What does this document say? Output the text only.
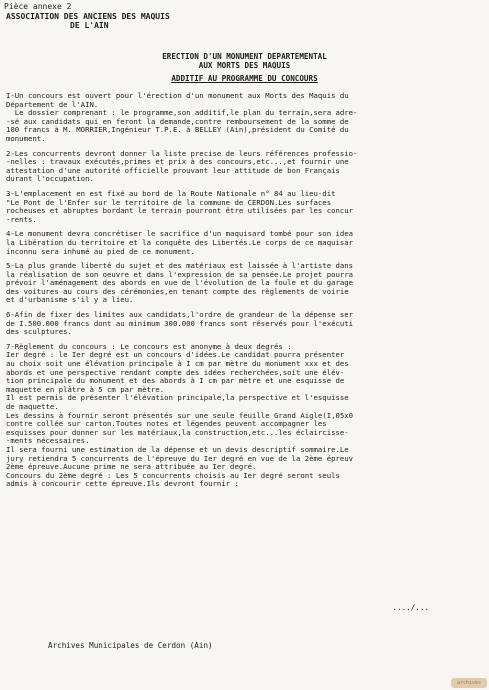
Pièce annexe 2
ASSOCIATION DES ANCIENS DES MAQUIS
DE L'AIN
ERECTION D'UN MONUMENT DEPARTEMENTAL
AUX MORTS DES MAQUIS
ADDITIF AU PROGRAMME DU CONCOURS
I-Un concours est ouvert pour l'érection d'un monument aux Morts des Maquis du
Département de l'AIN.
Le dossier comprenant : le programme,son additif,le plan du terrain,sera adre-
-sé aux candidats qui en feront la demande,contre remboursement de la somme de
100 francs à M. MORRIER,Ingénieur T.P.E. à BELLEY (Ain),président du Comité du
monument.
2-Les concurrents devront donner la liste precise de leurs références professio-
-nelles : travaux exécutés,primes et prix à des concours,etc...,et fournir une
attestation d'une autorité officielle prouvant leur attitude de bon Français
durant l'occupation.
3-L'emplacement en est fixé au bord de la Route Nationale n° 84 au lieu-dit
"Le Pont de l'Enfer sur le territoire de la commune de CERDON.Les surfaces
rocheuses et abruptes bordant le terrain pourront être utilisées par les concur
-rents.
4-Le monument devra concrétiser le sacrifice d'un maquisard tombé pour son idea
la Libération du territoire et la conquête des Libertés.Le corps de ce maquisar
inconnu sera inhumé au pied de ce monument.
5-La plus grande liberté du sujet et des matériaux est laissée à l'artiste dans
la réalisation de son oeuvre et dans l'expression de sa pensée.Le projet pourra
prévoir l'aménagement des abords en vue de l'évolution de la foule et du garage
des voitures au cours des cérémonies,en tenant compte des règlements de voirie
et d'urbanisme s'il y a lieu.
6-Afin de fixer des limites aux candidats,l'ordre de grandeur de la dépense ser
de I.500.000 francs dont au minimum 300.000 francs sont réservés pour l'exécuti
des sculptures.
7-Règlement du concours : Le concours est anonyme à deux degrés :
Ier degré : le Ier degré est un concours d'idées.Le candidat pourra présenter
au choix soit une élévation principale à I cm par mètre du monument xxx et des
abords et une perspective rendant compte des idées recherchées,soit une élév-
tion principale du monument et des abords à I cm par mètre et une esquisse de
maquette en plâtre à 5 cm par mètre.
Il est permis de présenter l'élévation principale,la perspective et l'esquisse
de maquette.
Les dessins à fournir seront présentés sur une seule feuille Grand Aigle(I,05x0
contre collée sur carton.Toutes notes et légendes peuvent accompagner les
esquisses pour donner sur les matériaux,la construction,etc...les éclaircisse-
-ments nécessaires.
Il sera fourni une estimation de la dépense et un devis descriptif sommaire.Le
jury retiendra 5 concurrents de l'épreuve du Ier degré en vue de la 2ème épreuv
2ème épreuve.Aucune prime ne sera attribuée au Ier degré.
Concours du 2ème degré : Les 5 concurrents choisis au Ier degré seront seuls
admis à concourir cette épreuve.Ils devront fournir :
..../...
Archives Municipales de Cerdon (Ain)
archives
